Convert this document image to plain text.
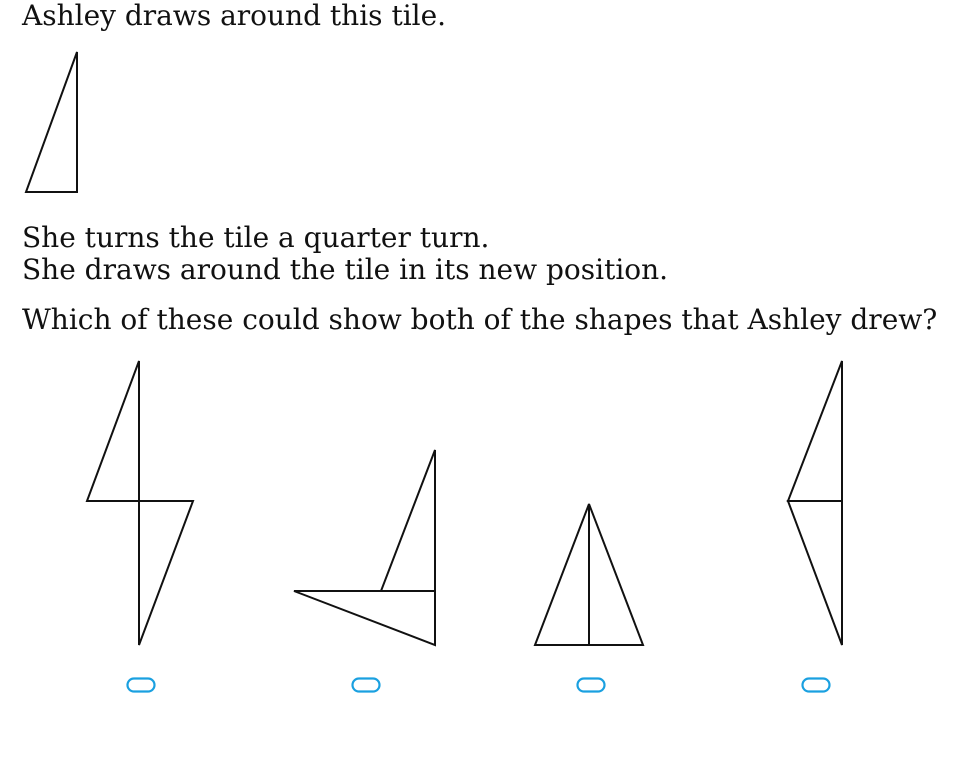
Ashley draws around this tile.

She turns the tile a quarter turn.

She draws around the tile in its new position.

Which of these could show both of the shapes that Ashley drew?
